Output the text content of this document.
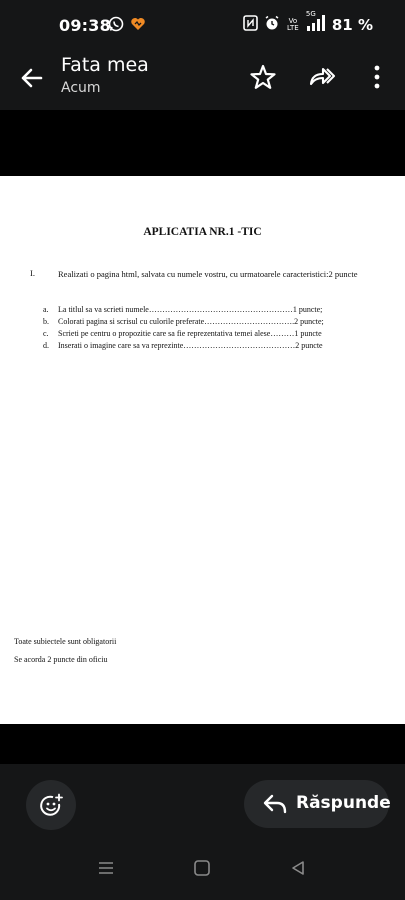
09:38	Vo LTE
5G
81 %
Fata mea
Acum
APLICATIA NR.1 -TIC
I.	Realizati o pagina html, salvata cu numele vostru, cu urmatoarele caracteristici:2 puncte
a. La titlul sa va scrieti numele………………………………………………1 puncte;
b. Colorati pagina si scrisul cu culorile preferate…………………………….2 puncte;
c. Scrieti pe centru o propozitie care sa fie reprezentativa temei alese………1 puncte
d. Inserati o imagine care sa va reprezinte……………………………………2 puncte
Toate subiectele sunt obligatorii
Se acorda 2 puncte din oficiu
Răspunde
